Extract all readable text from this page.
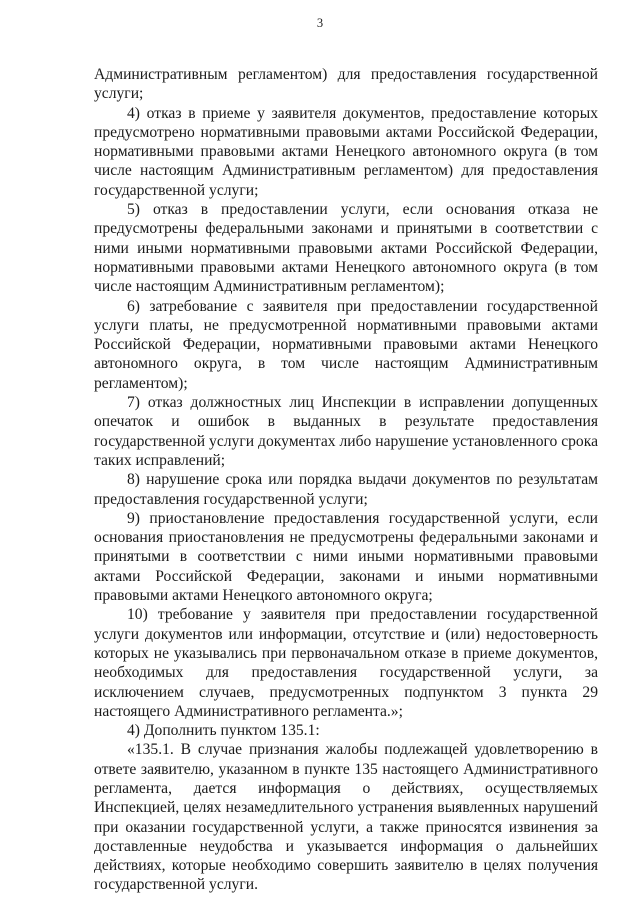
3

Административным регламентом) для предоставления государственной услуги;

4) отказ в приеме у заявителя документов, предоставление которых предусмотрено нормативными правовыми актами Российской Федерации, нормативными правовыми актами Ненецкого автономного округа (в том числе настоящим Административным регламентом) для предоставления государственной услуги;

5) отказ в предоставлении услуги, если основания отказа не предусмотрены федеральными законами и принятыми в соответствии с ними иными нормативными правовыми актами Российской Федерации, нормативными правовыми актами Ненецкого автономного округа (в том числе настоящим Административным регламентом);

6) затребование с заявителя при предоставлении государственной услуги платы, не предусмотренной нормативными правовыми актами Российской Федерации, нормативными правовыми актами Ненецкого автономного округа, в том числе настоящим Административным регламентом);

7) отказ должностных лиц Инспекции в исправлении допущенных опечаток и ошибок в выданных в результате предоставления государственной услуги документах либо нарушение установленного срока таких исправлений;

8) нарушение срока или порядка выдачи документов по результатам предоставления государственной услуги;

9) приостановление предоставления государственной услуги, если основания приостановления не предусмотрены федеральными законами и принятыми в соответствии с ними иными нормативными правовыми актами Российской Федерации, законами и иными нормативными правовыми актами Ненецкого автономного округа;

10) требование у заявителя при предоставлении государственной услуги документов или информации, отсутствие и (или) недостоверность которых не указывались при первоначальном отказе в приеме документов, необходимых для предоставления государственной услуги, за исключением случаев, предусмотренных подпунктом 3 пункта 29 настоящего Административного регламента.»;

4) Дополнить пунктом 135.1:

«135.1. В случае признания жалобы подлежащей удовлетворению в ответе заявителю, указанном в пункте 135 настоящего Административного регламента, дается информация о действиях, осуществляемых Инспекцией, целях незамедлительного устранения выявленных нарушений при оказании государственной услуги, а также приносятся извинения за доставленные неудобства и указывается информация о дальнейших действиях, которые необходимо совершить заявителю в целях получения государственной услуги.
